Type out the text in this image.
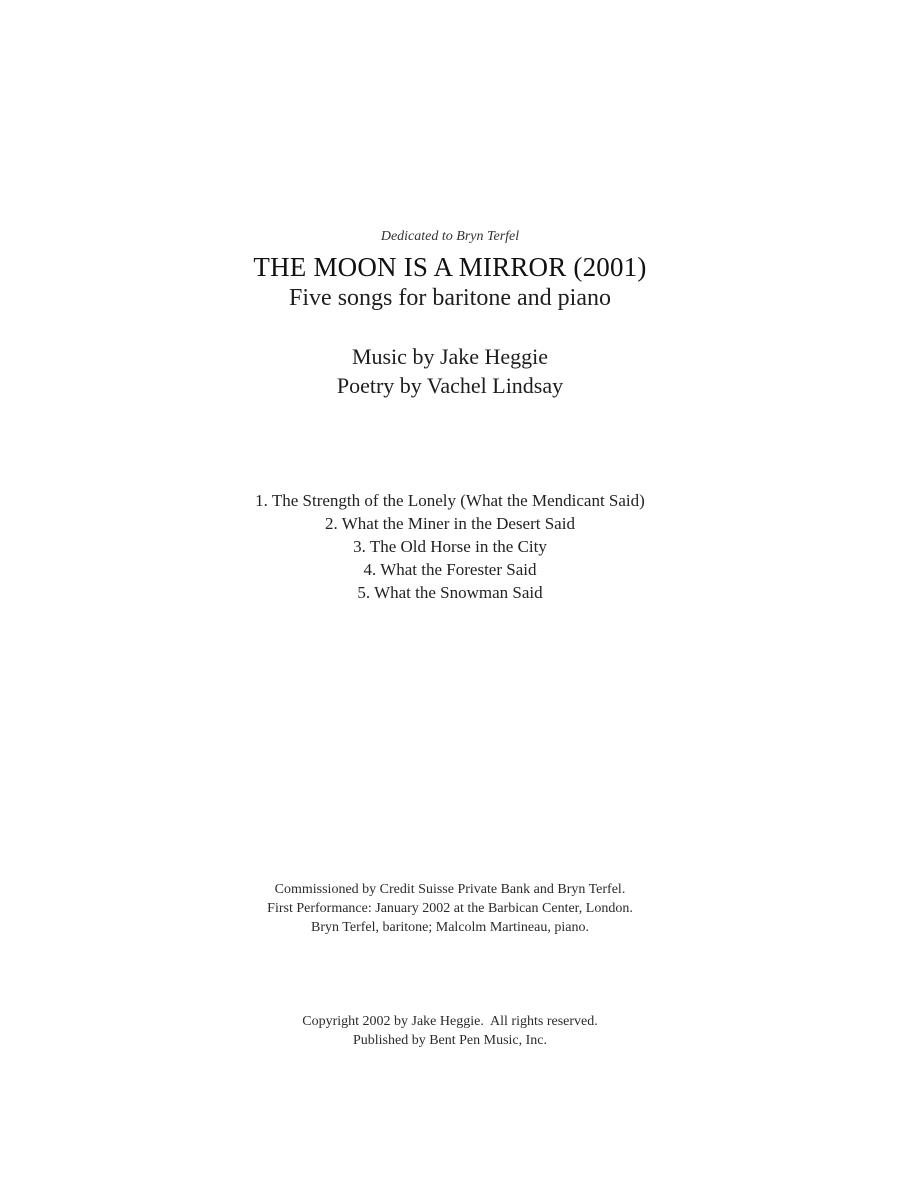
Dedicated to Bryn Terfel
THE MOON IS A MIRROR (2001)
Five songs for baritone and piano
Music by Jake Heggie
Poetry by Vachel Lindsay
1. The Strength of the Lonely (What the Mendicant Said)
2. What the Miner in the Desert Said
3. The Old Horse in the City
4. What the Forester Said
5. What the Snowman Said
Commissioned by Credit Suisse Private Bank and Bryn Terfel.
First Performance: January 2002 at the Barbican Center, London.
Bryn Terfel, baritone; Malcolm Martineau, piano.
Copyright 2002 by Jake Heggie.  All rights reserved.
Published by Bent Pen Music, Inc.
